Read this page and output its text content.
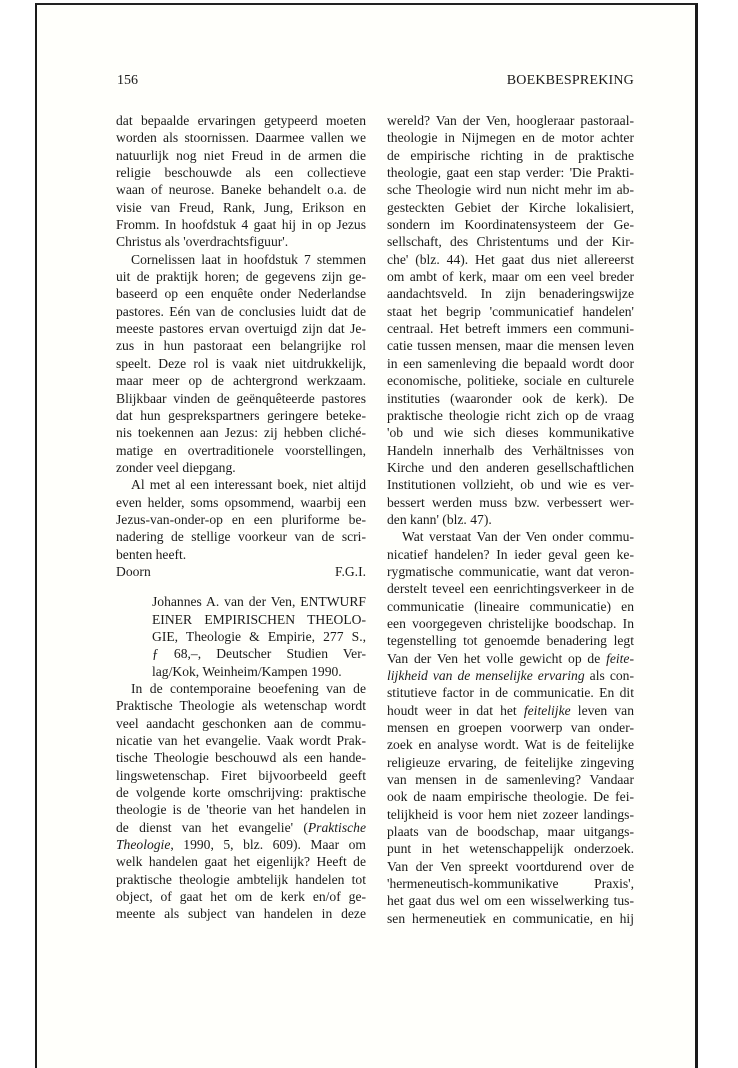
156	BOEKBESPREKING

dat bepaalde ervaringen getypeerd moeten
worden als stoornissen. Daarmee vallen we
natuurlijk nog niet Freud in de armen die
religie beschouwde als een collectieve
waan of neurose. Baneke behandelt o.a. de
visie van Freud, Rank, Jung, Erikson en
Fromm. In hoofdstuk 4 gaat hij in op Jezus
Christus als 'overdrachtsfiguur'.

Cornelissen laat in hoofdstuk 7 stemmen
uit de praktijk horen; de gegevens zijn ge-
baseerd op een enquête onder Nederlandse
pastores. Eén van de conclusies luidt dat de
meeste pastores ervan overtuigd zijn dat Je-
zus in hun pastoraat een belangrijke rol
speelt. Deze rol is vaak niet uitdrukkelijk,
maar meer op de achtergrond werkzaam.
Blijkbaar vinden de geënquêteerde pastores
dat hun gesprekspartners geringere beteke-
nis toekennen aan Jezus: zij hebben cliché-
matige en overtraditionele voorstellingen,
zonder veel diepgang.

Al met al een interessant boek, niet altijd
even helder, soms opsommend, waarbij een
Jezus-van-onder-op en een pluriforme be-
nadering de stellige voorkeur van de scri-
benten heeft.

Doorn	F.G.I.

Johannes A. van der Ven, ENTWURF
EINER EMPIRISCHEN THEOLO-
GIE, Theologie & Empirie, 277 S.,
ƒ 68,–, Deutscher Studien Ver-
lag/Kok, Weinheim/Kampen 1990.

In de contemporaine beoefening van de
Praktische Theologie als wetenschap wordt
veel aandacht geschonken aan de commu-
nicatie van het evangelie. Vaak wordt Prak-
tische Theologie beschouwd als een hande-
lingswetenschap. Firet bijvoorbeeld geeft
de volgende korte omschrijving: praktische
theologie is de 'theorie van het handelen in
de dienst van het evangelie' (Praktische
Theologie, 1990, 5, blz. 609). Maar om
welk handelen gaat het eigenlijk? Heeft de
praktische theologie ambtelijk handelen tot
object, of gaat het om de kerk en/of ge-
meente als subject van handelen in deze

wereld? Van der Ven, hoogleraar pastoraal-
theologie in Nijmegen en de motor achter
de empirische richting in de praktische
theologie, gaat een stap verder: 'Die Prakti-
sche Theologie wird nun nicht mehr im ab-
gesteckten Gebiet der Kirche lokalisiert,
sondern im Koordinatensysteem der Ge-
sellschaft, des Christentums und der Kir-
che' (blz. 44). Het gaat dus niet allereerst
om ambt of kerk, maar om een veel breder
aandachtsveld. In zijn benaderingswijze
staat het begrip 'communicatief handelen'
centraal. Het betreft immers een communi-
catie tussen mensen, maar die mensen leven
in een samenleving die bepaald wordt door
economische, politieke, sociale en culturele
instituties (waaronder ook de kerk). De
praktische theologie richt zich op de vraag
'ob und wie sich dieses kommunikative
Handeln innerhalb des Verhältnisses von
Kirche und den anderen gesellschaftlichen
Institutionen vollzieht, ob und wie es ver-
bessert werden muss bzw. verbessert wer-
den kann' (blz. 47).

Wat verstaat Van der Ven onder commu-
nicatief handelen? In ieder geval geen ke-
rygmatische communicatie, want dat veron-
derstelt teveel een eenrichtingsverkeer in de
communicatie (lineaire communicatie) en
een voorgegeven christelijke boodschap. In
tegenstelling tot genoemde benadering legt
Van der Ven het volle gewicht op de feite-
lijkheid van de menselijke ervaring als con-
stitutieve factor in de communicatie. En dit
houdt weer in dat het feitelijke leven van
mensen en groepen voorwerp van onder-
zoek en analyse wordt. Wat is de feitelijke
religieuze ervaring, de feitelijke zingeving
van mensen in de samenleving? Vandaar
ook de naam empirische theologie. De fei-
telijkheid is voor hem niet zozeer landings-
plaats van de boodschap, maar uitgangs-
punt in het wetenschappelijk onderzoek.
Van der Ven spreekt voortdurend over de
'hermeneutisch-kommunikative Praxis',
het gaat dus wel om een wisselwerking tus-
sen hermeneutiek en communicatie, en hij
